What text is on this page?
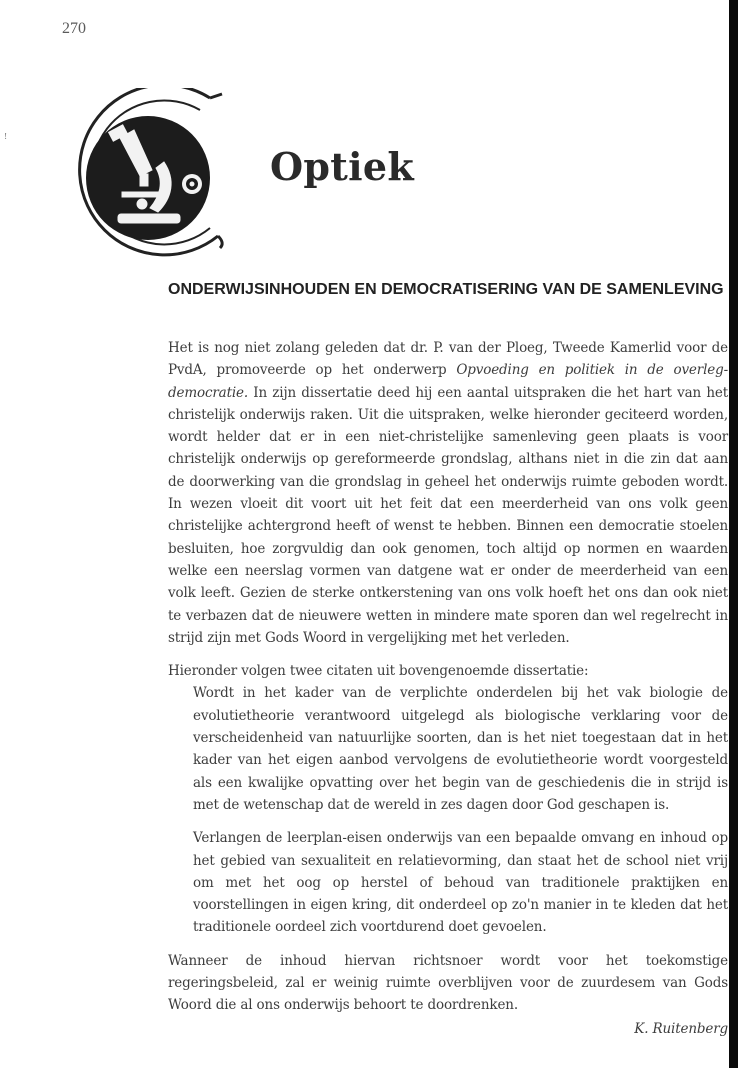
270
!
Optiek
ONDERWIJSINHOUDEN EN DEMOCRATISERING VAN DE SAMENLEVING

Het is nog niet zolang geleden dat dr. P. van der Ploeg, Tweede Kamerlid voor de PvdA, promoveerde op het onderwerp Opvoeding en politiek in de overleg-democratie. In zijn dissertatie deed hij een aantal uitspraken die het hart van het christelijk onderwijs raken. Uit die uitspraken, welke hieronder geciteerd worden, wordt helder dat er in een niet-christelijke samenleving geen plaats is voor christelijk onderwijs op gereformeerde grondslag, althans niet in die zin dat aan de doorwerking van die grondslag in geheel het onderwijs ruimte geboden wordt. In wezen vloeit dit voort uit het feit dat een meerderheid van ons volk geen christelijke achtergrond heeft of wenst te hebben. Binnen een democratie stoelen besluiten, hoe zorgvuldig dan ook genomen, toch altijd op normen en waarden welke een neerslag vormen van datgene wat er onder de meerderheid van een volk leeft. Gezien de sterke ontkerstening van ons volk hoeft het ons dan ook niet te verbazen dat de nieuwere wetten in mindere mate sporen dan wel regelrecht in strijd zijn met Gods Woord in vergelijking met het verleden.

Hieronder volgen twee citaten uit bovengenoemde dissertatie:

Wordt in het kader van de verplichte onderdelen bij het vak biologie de evolutietheorie verantwoord uitgelegd als biologische verklaring voor de verscheidenheid van natuurlijke soorten, dan is het niet toegestaan dat in het kader van het eigen aanbod vervolgens de evolutietheorie wordt voorgesteld als een kwalijke opvatting over het begin van de geschiedenis die in strijd is met de wetenschap dat de wereld in zes dagen door God geschapen is.
Verlangen de leerplan-eisen onderwijs van een bepaalde omvang en inhoud op het gebied van sexualiteit en relatievorming, dan staat het de school niet vrij om met het oog op herstel of behoud van traditionele praktijken en voorstellingen in eigen kring, dit onderdeel op zo'n manier in te kleden dat het traditionele oordeel zich voortdurend doet gevoelen.

Wanneer de inhoud hiervan richtsnoer wordt voor het toekomstige regeringsbeleid, zal er weinig ruimte overblijven voor de zuurdesem van Gods Woord die al ons onderwijs behoort te doordrenken.

K. Ruitenberg
